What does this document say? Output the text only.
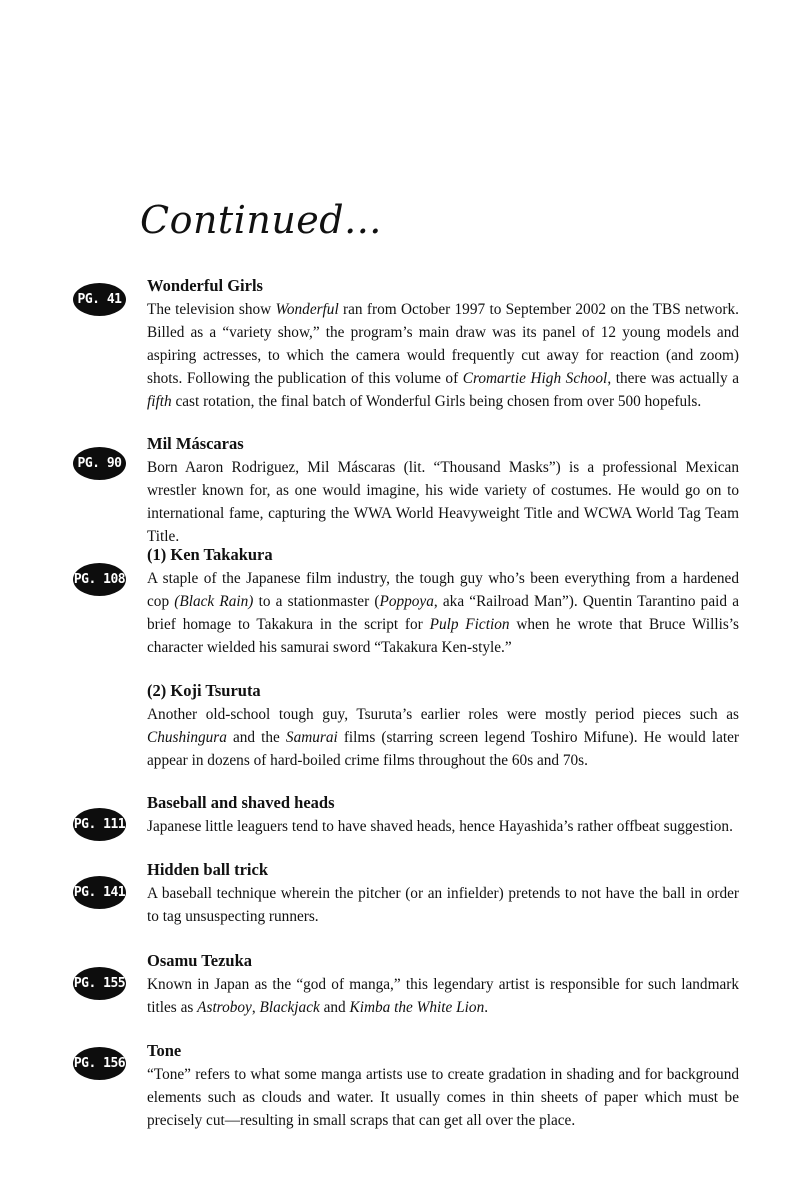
Continued...
PG. 41
Wonderful Girls

The television show Wonderful ran from October 1997 to September 2002 on the TBS network. Billed as a “variety show,” the program’s main draw was its panel of 12 young models and aspiring actresses, to which the camera would frequently cut away for reaction (and zoom) shots. Following the publication of this volume of Cromartie High School, there was actually a fifth cast rotation, the final batch of Wonderful Girls being chosen from over 500 hopefuls.

PG. 90
Mil Máscaras

Born Aaron Rodriguez, Mil Máscaras (lit. “Thousand Masks”) is a professional Mexican wrestler known for, as one would imagine, his wide variety of costumes. He would go on to international fame, capturing the WWA World Heavyweight Title and WCWA World Tag Team Title.

PG. 108
(1) Ken Takakura

A staple of the Japanese film industry, the tough guy who’s been everything from a hardened cop (Black Rain) to a stationmaster (Poppoya, aka “Railroad Man”). Quentin Tarantino paid a brief homage to Takakura in the script for Pulp Fiction when he wrote that Bruce Willis’s character wielded his samurai sword “Takakura Ken-style.”

(2) Koji Tsuruta

Another old-school tough guy, Tsuruta’s earlier roles were mostly period pieces such as Chushingura and the Samurai films (starring screen legend Toshiro Mifune). He would later appear in dozens of hard-boiled crime films throughout the 60s and 70s.

PG. 111
Baseball and shaved heads

Japanese little leaguers tend to have shaved heads, hence Hayashida’s rather offbeat suggestion.

PG. 141
Hidden ball trick

A baseball technique wherein the pitcher (or an infielder) pretends to not have the ball in order to tag unsuspecting runners.

PG. 155
Osamu Tezuka

Known in Japan as the “god of manga,” this legendary artist is responsible for such landmark titles as Astroboy, Blackjack and Kimba the White Lion.

PG. 156
Tone

“Tone” refers to what some manga artists use to create gradation in shading and for background elements such as clouds and water. It usually comes in thin sheets of paper which must be precisely cut—resulting in small scraps that can get all over the place.
